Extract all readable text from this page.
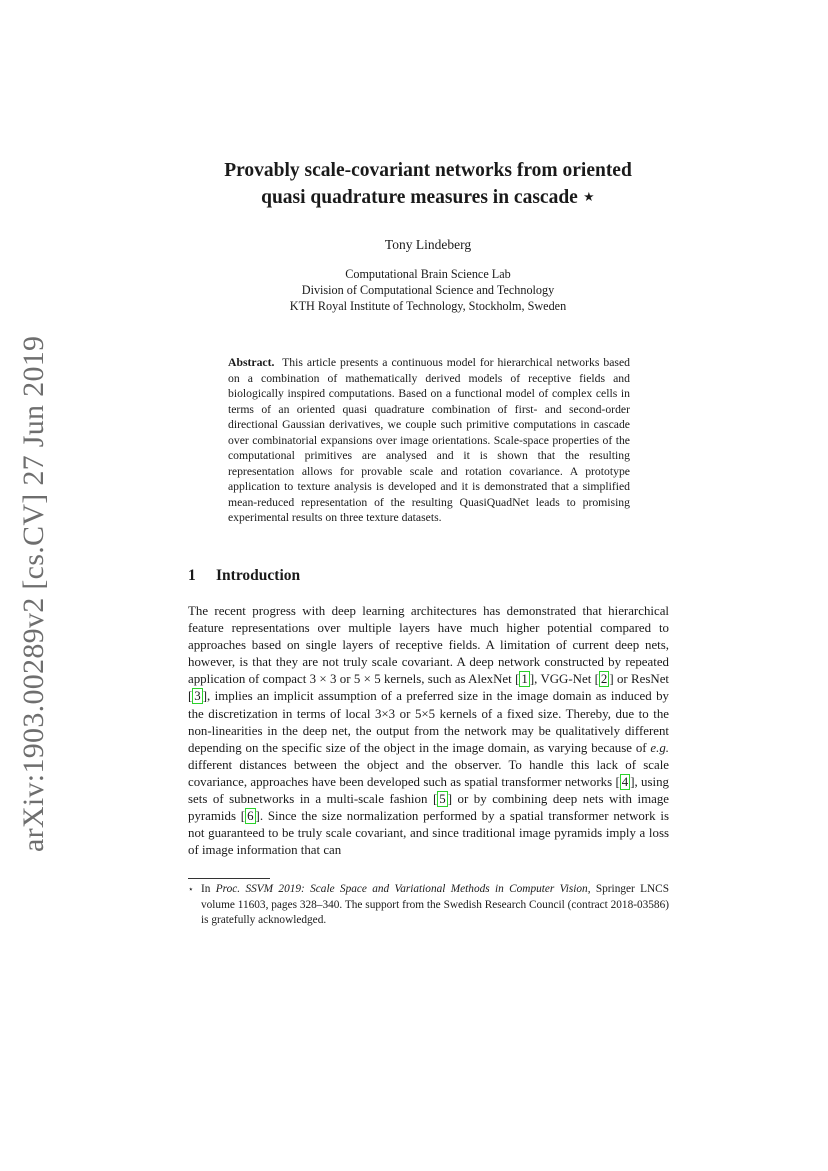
arXiv:1903.00289v2 [cs.CV] 27 Jun 2019
Provably scale-covariant networks from oriented
quasi quadrature measures in cascade ⋆

Tony Lindeberg

Computational Brain Science Lab
Division of Computational Science and Technology
KTH Royal Institute of Technology, Stockholm, Sweden

Abstract. This article presents a continuous model for hierarchical networks based on a combination of mathematically derived models of receptive fields and biologically inspired computations. Based on a functional model of complex cells in terms of an oriented quasi quadrature combination of first- and second-order directional Gaussian derivatives, we couple such primitive computations in cascade over combinatorial expansions over image orientations. Scale-space properties of the computational primitives are analysed and it is shown that the resulting representation allows for provable scale and rotation covariance. A prototype application to texture analysis is developed and it is demonstrated that a simplified mean-reduced representation of the resulting QuasiQuadNet leads to promising experimental results on three texture datasets.

1 Introduction

The recent progress with deep learning architectures has demonstrated that hierarchical feature representations over multiple layers have much higher potential compared to approaches based on single layers of receptive fields. A limitation of current deep nets, however, is that they are not truly scale covariant. A deep network constructed by repeated application of compact 3 × 3 or 5 × 5 kernels, such as AlexNet [ 1 ], VGG-Net [ 2 ] or ResNet [ 3 ], implies an implicit assumption of a preferred size in the image domain as induced by the discretization in terms of local 3×3 or 5×5 kernels of a fixed size. Thereby, due to the non-linearities in the deep net, the output from the network may be qualitatively different depending on the specific size of the object in the image domain, as varying because of e.g. different distances between the object and the observer. To handle this lack of scale covariance, approaches have been developed such as spatial transformer networks [ 4 ], using sets of subnetworks in a multi-scale fashion [ 5 ] or by combining deep nets with image pyramids [ 6 ]. Since the size normalization performed by a spatial transformer network is not guaranteed to be truly scale covariant, and since traditional image pyramids imply a loss of image information that can

⋆ In Proc. SSVM 2019: Scale Space and Variational Methods in Computer Vision, Springer LNCS volume 11603, pages 328–340. The support from the Swedish Research Council (contract 2018-03586) is gratefully acknowledged.
